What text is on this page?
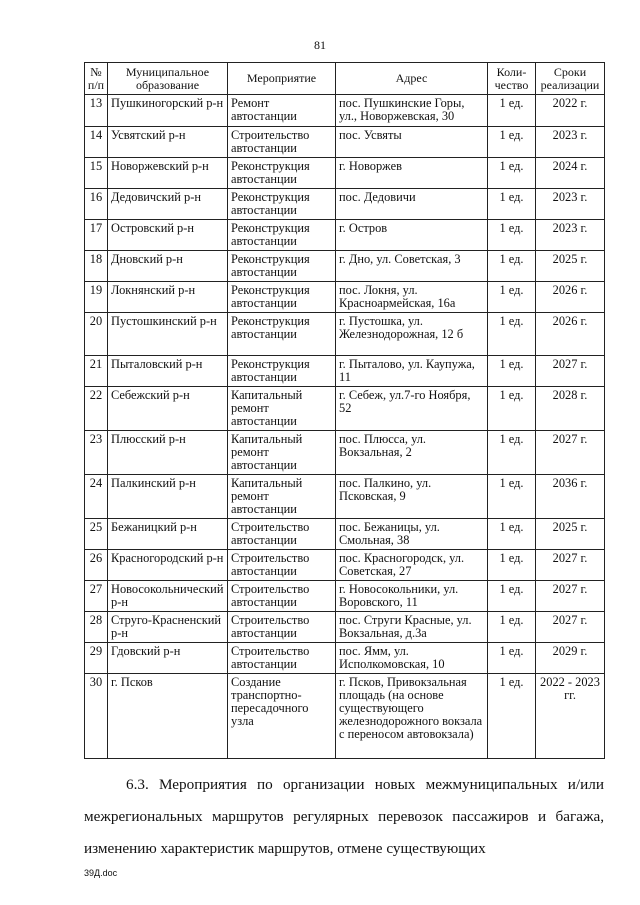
81
№ п/п	Муниципальное образование	Мероприятие	Адрес	Коли-чество	Сроки реализации
13	Пушкиногорский р-н	Ремонт автостанции	пос. Пушкинские Горы, ул., Новоржевская, 30	1 ед.	2022 г.
14	Усвятский р-н	Строительство автостанции	пос. Усвяты	1 ед.	2023 г.
15	Новоржевский р-н	Реконструкция автостанции	г. Новоржев	1 ед.	2024 г.
16	Дедовичский р-н	Реконструкция автостанции	пос. Дедовичи	1 ед.	2023 г.
17	Островский р-н	Реконструкция автостанции	г. Остров	1 ед.	2023 г.
18	Дновский р-н	Реконструкция автостанции	г. Дно, ул. Советская, 3	1 ед.	2025 г.
19	Локнянский р-н	Реконструкция автостанции	пос. Локня, ул. Красноармейская, 16а	1 ед.	2026 г.
20	Пустошкинский р-н	Реконструкция автостанции	г. Пустошка, ул. Железнодорожная, 12 б	1 ед.	2026 г.
21	Пыталовский р-н	Реконструкция автостанции	г. Пыталово, ул. Каупужа, 11	1 ед.	2027 г.
22	Себежский р-н	Капитальный ремонт автостанции	г. Себеж, ул.7-го Ноября, 52	1 ед.	2028 г.
23	Плюсский р-н	Капитальный ремонт автостанции	пос. Плюсса, ул. Вокзальная, 2	1 ед.	2027 г.
24	Палкинский р-н	Капитальный ремонт автостанции	пос. Палкино, ул. Псковская, 9	1 ед.	2036 г.
25	Бежаницкий р-н	Строительство автостанции	пос. Бежаницы, ул. Смольная, 38	1 ед.	2025 г.
26	Красногородский р-н	Строительство автостанции	пос. Красногородск, ул. Советская, 27	1 ед.	2027 г.
27	Новосокольнический р-н	Строительство автостанции	г. Новосокольники, ул. Воровского, 11	1 ед.	2027 г.
28	Струго-Красненский р-н	Строительство автостанции	пос. Струги Красные, ул. Вокзальная, д.3а	1 ед.	2027 г.
29	Гдовский р-н	Строительство автостанции	пос. Ямм, ул. Исполкомовская, 10	1 ед.	2029 г.
30	г. Псков	Создание транспортно-пересадочного узла	г. Псков, Привокзальная площадь (на основе существующего железнодорожного вокзала с переносом автовокзала)	1 ед.	2022 - 2023 гг.

6.3. Мероприятия по организации новых межмуниципальных и/или межрегиональных маршрутов регулярных перевозок пассажиров и багажа, изменению характеристик маршрутов, отмене существующих

39Д.doc
